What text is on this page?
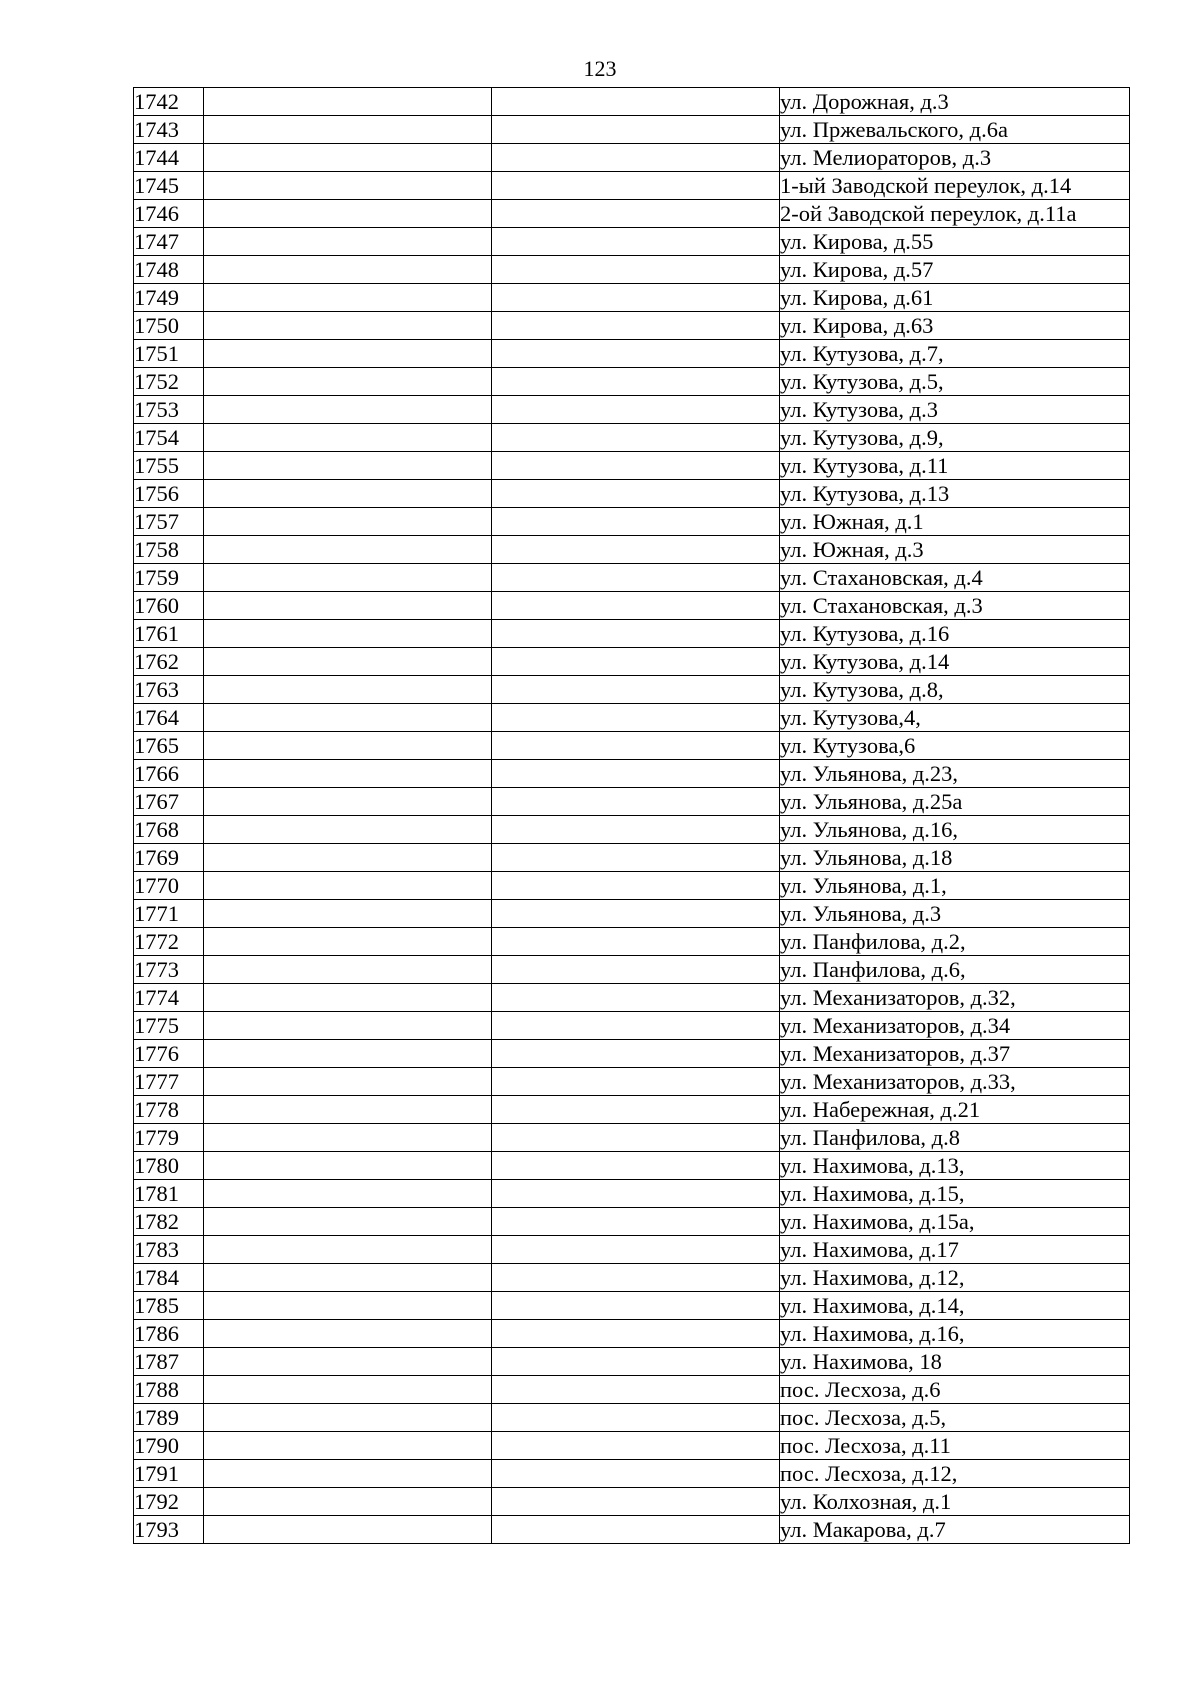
123
1742			ул. Дорожная, д.3
1743			ул. Пржевальского, д.6а
1744			ул. Мелиораторов, д.3
1745			1-ый Заводской переулок, д.14
1746			2-ой Заводской переулок, д.11а
1747			ул. Кирова, д.55
1748			ул. Кирова, д.57
1749			ул. Кирова, д.61
1750			ул. Кирова, д.63
1751			ул. Кутузова, д.7,
1752			ул. Кутузова, д.5,
1753			ул. Кутузова, д.3
1754			ул. Кутузова, д.9,
1755			ул. Кутузова, д.11
1756			ул. Кутузова, д.13
1757			ул. Южная, д.1
1758			ул. Южная, д.3
1759			ул. Стахановская, д.4
1760			ул. Стахановская, д.3
1761			ул. Кутузова, д.16
1762			ул. Кутузова, д.14
1763			ул. Кутузова, д.8,
1764			ул. Кутузова,4,
1765			ул. Кутузова,6
1766			ул. Ульянова, д.23,
1767			ул. Ульянова, д.25а
1768			ул. Ульянова, д.16,
1769			ул. Ульянова, д.18
1770			ул. Ульянова, д.1,
1771			ул. Ульянова, д.3
1772			ул. Панфилова, д.2,
1773			ул. Панфилова, д.6,
1774			ул. Механизаторов, д.32,
1775			ул. Механизаторов, д.34
1776			ул. Механизаторов, д.37
1777			ул. Механизаторов, д.33,
1778			ул. Набережная, д.21
1779			ул. Панфилова, д.8
1780			ул. Нахимова, д.13,
1781			ул. Нахимова, д.15,
1782			ул. Нахимова, д.15а,
1783			ул. Нахимова, д.17
1784			ул. Нахимова, д.12,
1785			ул. Нахимова, д.14,
1786			ул. Нахимова, д.16,
1787			ул. Нахимова, 18
1788			пос. Лесхоза, д.6
1789			пос. Лесхоза, д.5,
1790			пос. Лесхоза, д.11
1791			пос. Лесхоза, д.12,
1792			ул. Колхозная, д.1
1793			ул. Макарова, д.7
